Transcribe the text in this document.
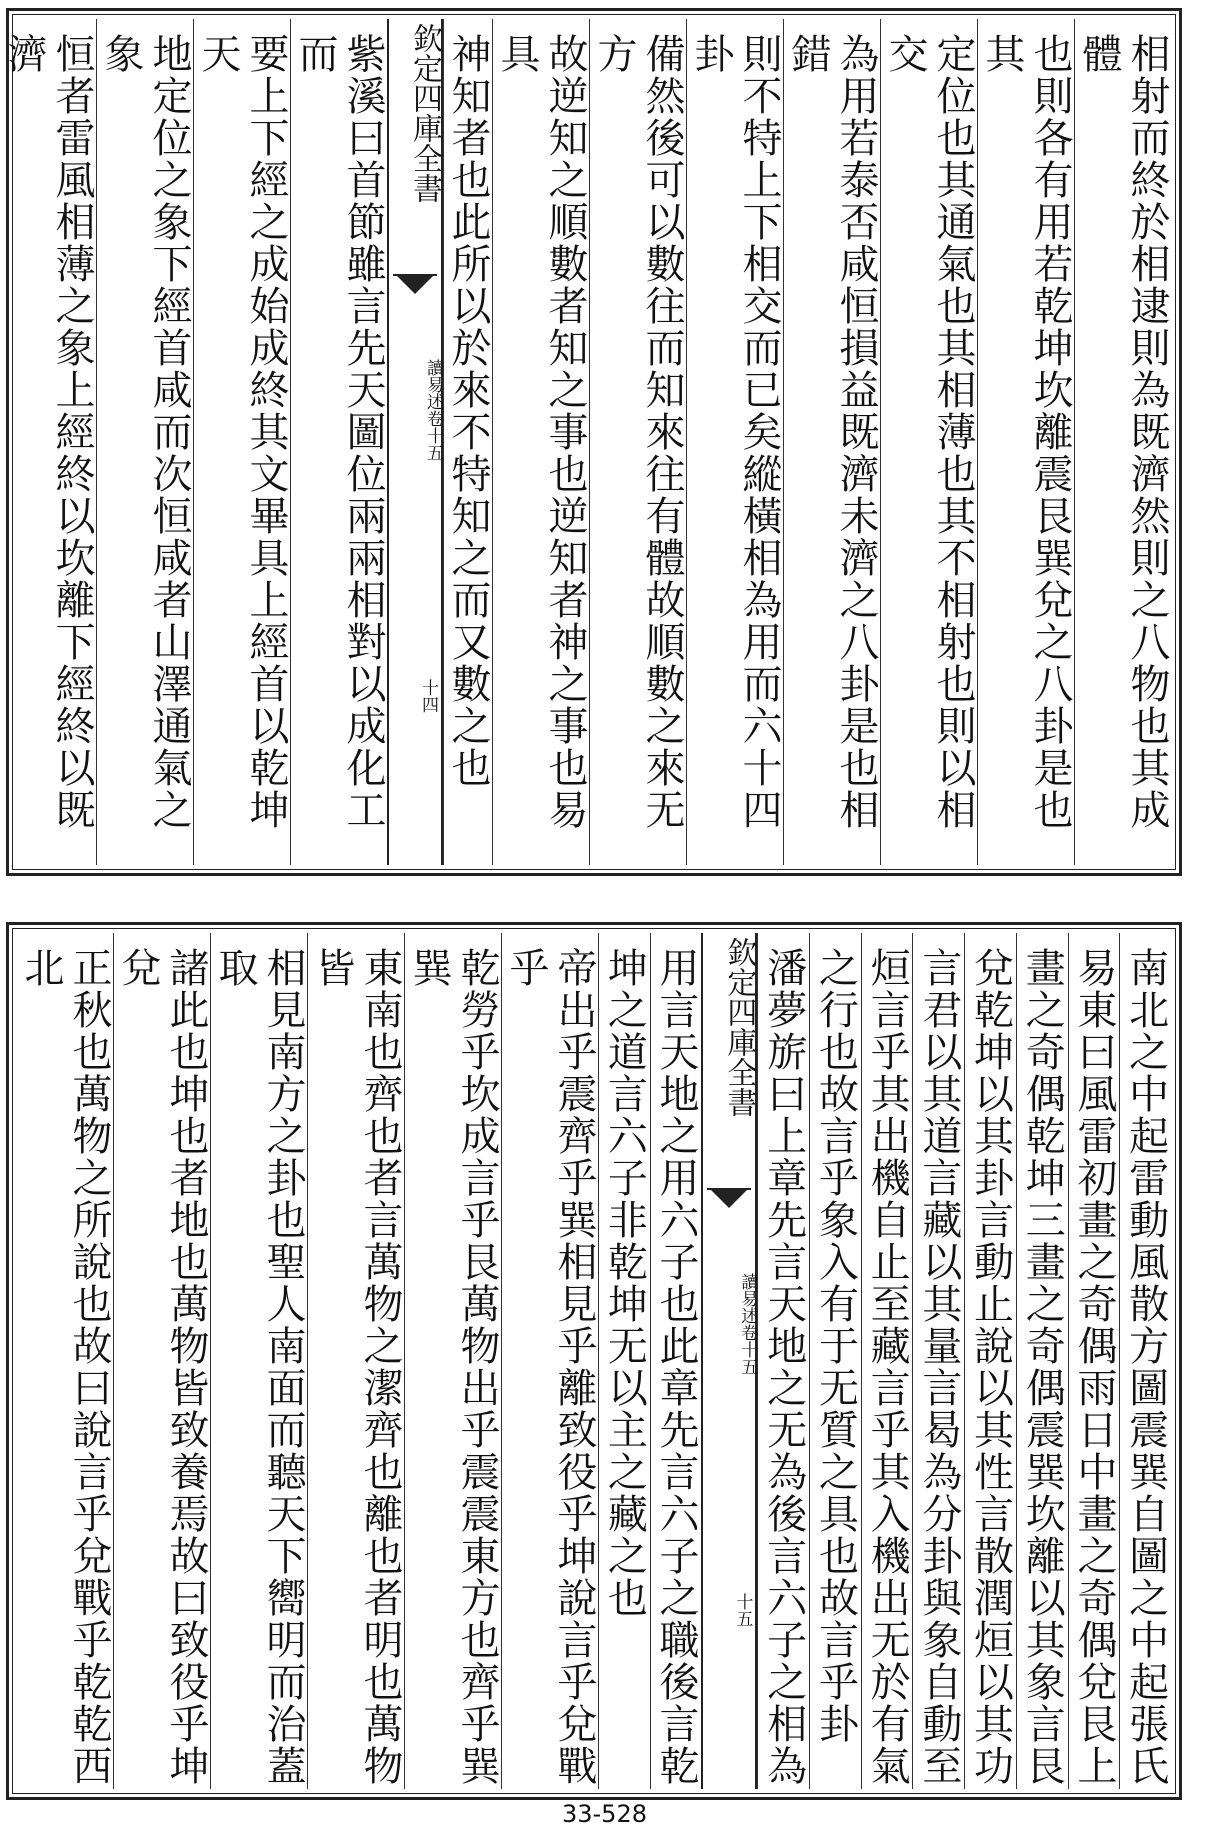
相射而終於相逮則為既濟然則之八物也其成體
也則各有用若乾坤坎離震艮巽兌之八卦是也其
定位也其通氣也其相薄也其不相射也則以相交
為用若泰否咸恒損益既濟未濟之八卦是也相錯
則不特上下相交而已矣縱橫相為用而六十四卦
備然後可以數往而知來往有體故順數之來无方
故逆知之順數者知之事也逆知者神之事也易具
神知者也此所以於來不特知之而又數之也
欽定四庫全書
讀易述卷十五
十四
紫溪曰首節雖言先天圖位兩兩相對以成化工而
要上下經之成始成終其文畢具上經首以乾坤天
地定位之象下經首咸而次恒咸者山澤通氣之象
恒者雷風相薄之象上經終以坎離下經終以既濟
南北之中起雷動風散方圖震巽自圖之中起張氏
易東曰風雷初畫之奇偶雨日中畫之奇偶兌艮上
畫之奇偶乾坤三畫之奇偶震巽坎離以其象言艮
兌乾坤以其卦言動止說以其性言散潤烜以其功
言君以其道言藏以其量言曷為分卦與象自動至
烜言乎其出機自止至藏言乎其入機出无於有氣
之行也故言乎象入有于无質之具也故言乎卦
潘夢旂曰上章先言天地之无為後言六子之相為
欽定四庫全書
讀易述卷十五
十五
用言天地之用六子也此章先言六子之職後言乾
坤之道言六子非乾坤无以主之藏之也
帝出乎震齊乎巽相見乎離致役乎坤說言乎兌戰乎
乾勞乎坎成言乎艮萬物出乎震震東方也齊乎巽巽
東南也齊也者言萬物之潔齊也離也者明也萬物皆
相見南方之卦也聖人南面而聽天下嚮明而治蓋取
諸此也坤也者地也萬物皆致養焉故曰致役乎坤兌
正秋也萬物之所說也故曰說言乎兌戰乎乾乾西北
33-528
